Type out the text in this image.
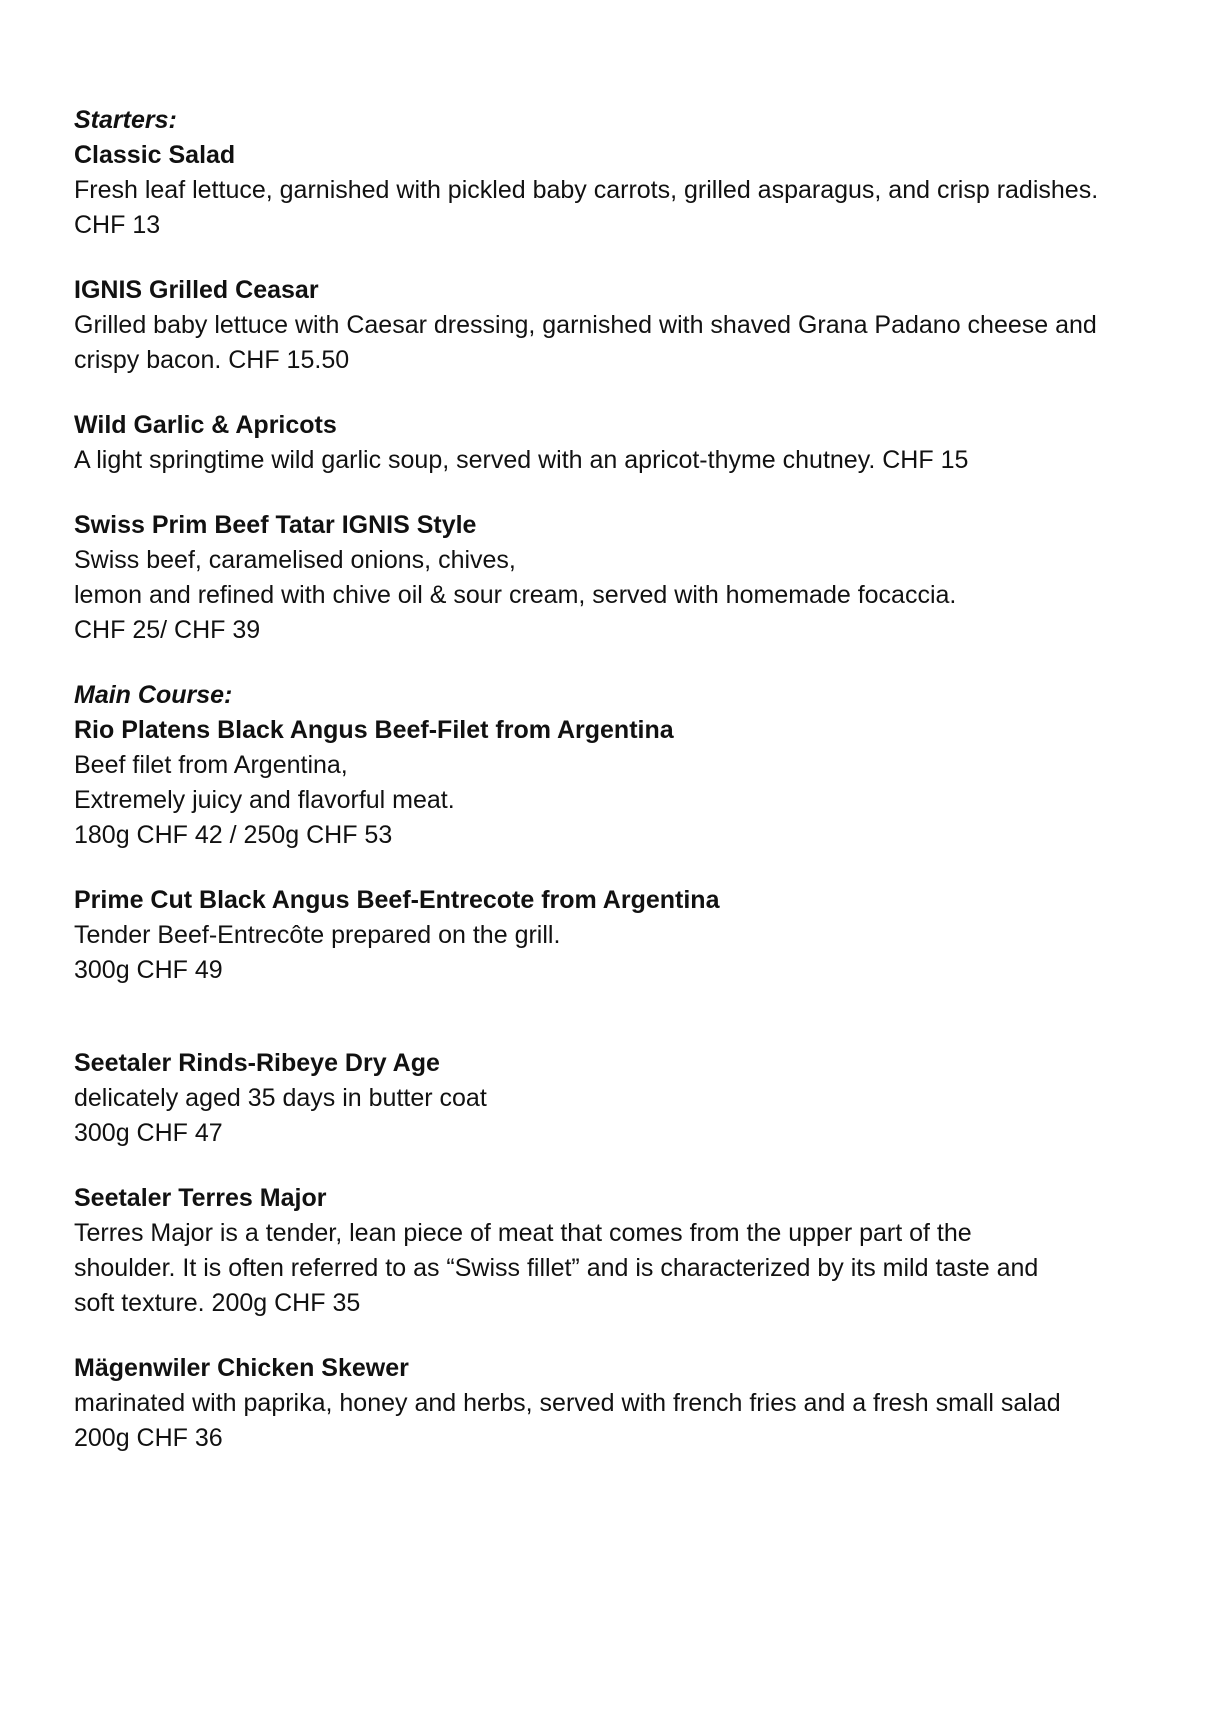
Starters:
Classic Salad
Fresh leaf lettuce, garnished with pickled baby carrots, grilled asparagus, and crisp radishes.
CHF 13
IGNIS Grilled Ceasar
Grilled baby lettuce with Caesar dressing, garnished with shaved Grana Padano cheese and
crispy bacon. CHF 15.50
Wild Garlic & Apricots
A light springtime wild garlic soup, served with an apricot-thyme chutney. CHF 15
Swiss Prim Beef Tatar IGNIS Style
Swiss beef, caramelised onions, chives,
lemon and refined with chive oil & sour cream, served with homemade focaccia.
CHF 25/ CHF 39
Main Course:
Rio Platens Black Angus Beef-Filet from Argentina
Beef filet from Argentina,
Extremely juicy and flavorful meat.
180g CHF 42 / 250g CHF 53
Prime Cut Black Angus Beef-Entrecote from Argentina
Tender Beef-Entrecôte prepared on the grill.
300g CHF 49
Seetaler Rinds-Ribeye Dry Age
delicately aged 35 days in butter coat
300g CHF 47
Seetaler Terres Major
Terres Major is a tender, lean piece of meat that comes from the upper part of the
shoulder. It is often referred to as “Swiss fillet” and is characterized by its mild taste and
soft texture. 200g CHF 35
Mägenwiler Chicken Skewer
marinated with paprika, honey and herbs, served with french fries and a fresh small salad
200g CHF 36
